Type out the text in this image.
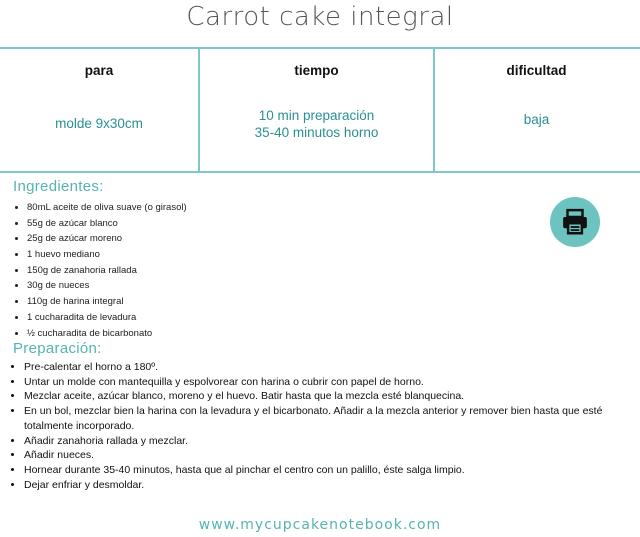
Carrot cake integral
para
molde 9x30cm
tiempo
10 min preparación
35-40 minutos horno
dificultad
baja
Ingredientes:
• 80mL aceite de oliva suave (o girasol)
• 55g de azúcar blanco
• 25g de azúcar moreno
• 1 huevo mediano
• 150g de zanahoria rallada
• 30g de nueces
• 110g de harina integral
• 1 cucharadita de levadura
• ½ cucharadita de bicarbonato
Preparación:
• Pre-calentar el horno a 180º.
• Untar un molde con mantequilla y espolvorear con harina o cubrir con papel de horno.
• Mezclar aceite, azúcar blanco, moreno y el huevo. Batir hasta que la mezcla esté blanquecina.
• En un bol, mezclar bien la harina con la levadura y el bicarbonato. Añadir a la mezcla anterior y remover bien hasta que esté totalmente incorporado.
• Añadir zanahoria rallada y mezclar.
• Añadir nueces.
• Hornear durante 35-40 minutos, hasta que al pinchar el centro con un palillo, éste salga limpio.
• Dejar enfriar y desmoldar.
www.mycupcakenotebook.com
